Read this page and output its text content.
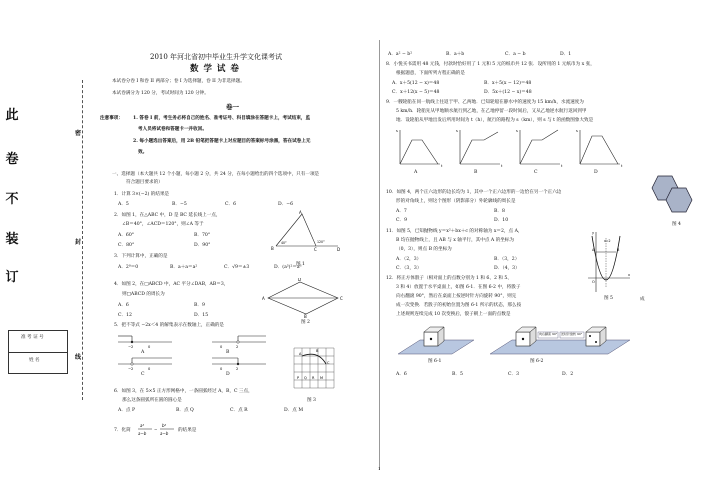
此
卷
不
装
订
密
封
线
准 考 证 号
姓 名
2010 年河北省初中毕业生升学文化课考试
数 学 试 卷
本试卷分卷 I 和卷 II 两部分；卷 I 为选择题，卷 II 为非选择题。
本试卷满分为 120 分，考试时间为 120 分钟。
卷一
注意事项： 1. 答卷 I 前，考生务必将自己的姓名、准考证号、科目填涂在答题卡上，考试结束，监
考人员将试卷和答题卡一并收回。
2. 每小题选出答案后，用 2B 铅笔把答题卡上对应题目的答案标号涂黑，答在试卷上无
效。
一、选择题（本大题共 12 个小题，每小题 2 分，共 24 分，在每小题给出的四个选项中，只有一项是
符合题目要求的）
1．计算 3×(−2) 的结果是
A．5	B．−5	C．6	D．−6
2．如图 1，在△ABC 中，D 是 BC 延长线上一点，
∠B＝40°，∠ACD＝120°，则∠A 等于
A．60°	B．70°
C．80°	D．90°
A
B	C	D
40°	120°
图 1
3．下列计算中，正确的是
A．2⁰＝0	B．a＋a＝a²	C．√9＝±3	D．(a³)²＝a⁶
4．如图 2，在□ABCD 中，AC 平分∠DAB，AB＝3，
则□ABCD 的周长为
A．6	B．9
C．12	D．15
A
D
C
B
图 2
5．把不等式 −2x＜4 的解集表示在数轴上，正确的是
−2	0	0	2
−2	0	0	2
A	B
C	D
A
B
C
P Q R M
图 3
6．如图 3，在 5×5 正方形网格中，一条圆弧经过 A，B，C 三点，
那么这条圆弧所在圆的圆心是
A．点 P	B．点 Q	C．点 R	D．点 M
7．化简
a²
a−b
−
b²
a−b
的结果是
A．a² − b²	B．a＋b	C．a − b	D．1
8．小悦买书需用 48 元钱，付款时恰好用了 1 元和 5 元的纸币共 12 张．设所用的 1 元纸币为 x 张，
根据题意，下面所列方程正确的是
A．x＋5(12 − x)＝48	B．x＋5(x − 12)＝48
C．x＋12(x − 5)＝48	D．5x＋(12 − x)＝48
9．一艘轮船在同一航线上往返于甲、乙两地．已知轮船在静水中的速度为 15 km/h，水流速度为
5 km/h．轮船先从甲地顺水航行到乙地，在乙地停留一段时间后，又从乙地逆水航行返回到甲
地．设轮船从甲地出发后所用时间为 t（h），航行的路程为 s（km），则 s 与 t 的函数图象大致是
s
t
s
t
s
t
s
t
A	B	C	D
图 4
10．如图 4，两个正六边形的边长均为 1，其中一个正六边形的一边恰在另一个正六边
形的对角线上，则这个图形（阴影部分）外轮廓线的周长是
A．7	B．8
C．9	D．10
11．如图 5，已知抛物线 y＝x²＋bx＋c 的对称轴为 x＝2，点 A，
B 均在抛物线上，且 AB 与 x 轴平行，其中点 A 的坐标为
（0，3），则点 B 的坐标为
A．（2，3）	B．（3，2）
C．（3，3）	D．（4，3）
y
x
A	B
O
x=2
图 5	成
12．将正方体骰子（相对面上的点数分别为 1 和 6、2 和 5、
3 和 4）放置于水平桌面上，如图 6-1．在图 6-2 中，将骰子
向右翻滚 90°，然后在桌面上按逆时针方向旋转 90°，则完
成一次变换．若骰子的初始位置为图 6-1 所示的状态，那么按
上述规则连续完成 10 次变换后，骰子朝上一面的点数是
向右翻滚 90° 逆时针旋转 90°
图 6-1	图 6-2
A．6	B．5	C．3	D．2
1
